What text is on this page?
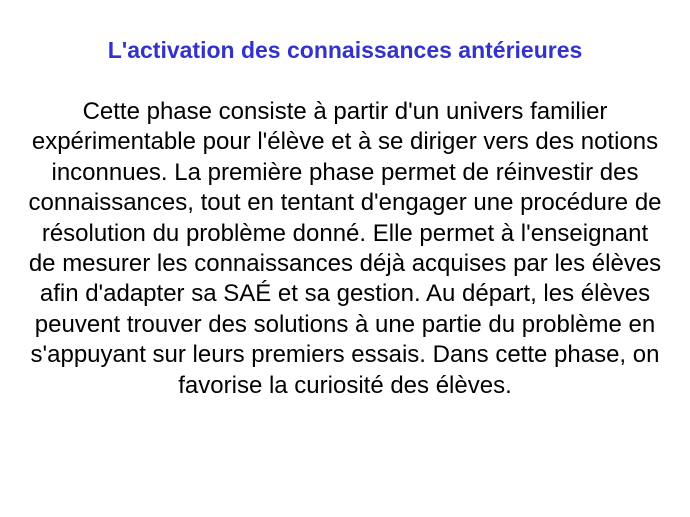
L'activation des connaissances antérieures

Cette phase consiste à partir d'un univers familier expérimentable pour l'élève et à se diriger vers des notions inconnues. La première phase permet de réinvestir des connaissances, tout en tentant d'engager une procédure de résolution du problème donné. Elle permet à l'enseignant de mesurer les connaissances déjà acquises par les élèves afin d'adapter sa SAÉ et sa gestion. Au départ, les élèves peuvent trouver des solutions à une partie du problème en s'appuyant sur leurs premiers essais. Dans cette phase, on favorise la curiosité des élèves.
